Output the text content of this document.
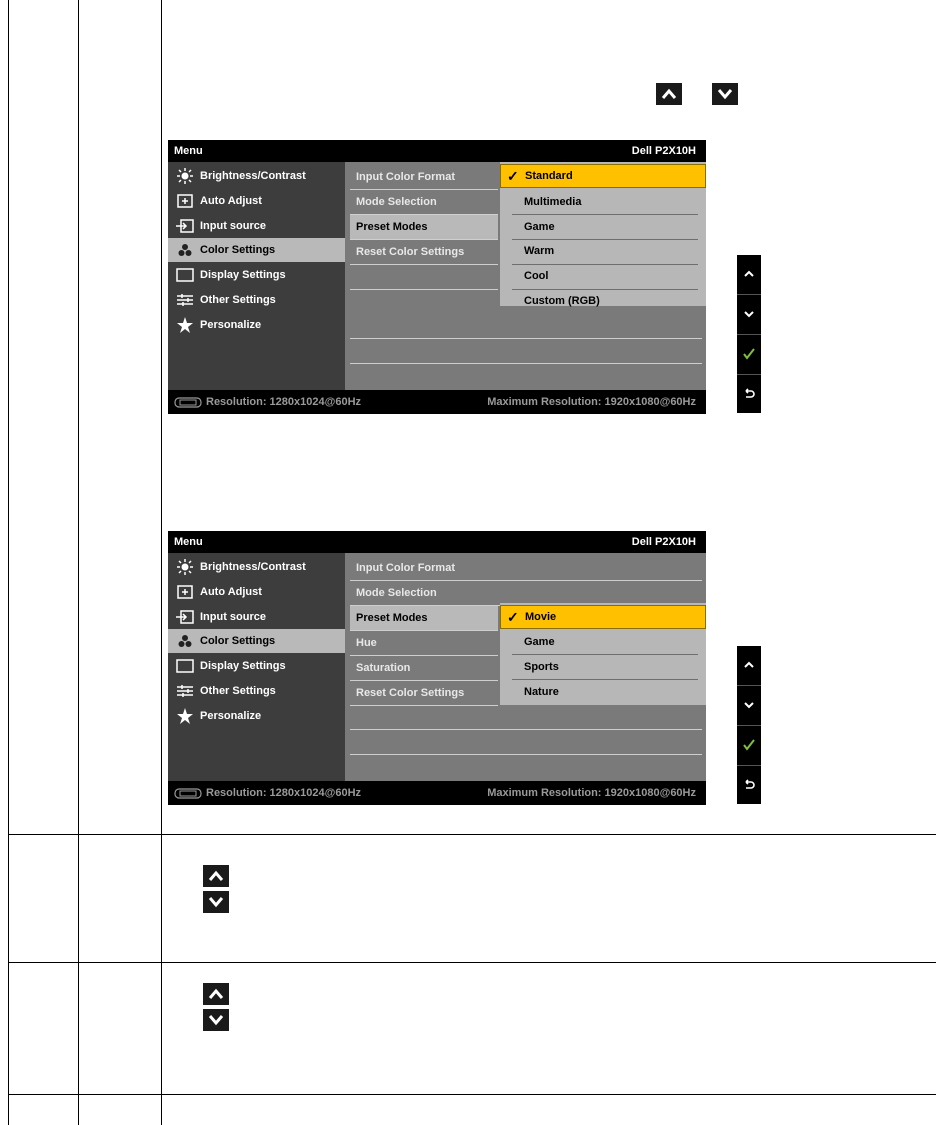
Menu	Dell P2X10H
Brightness/Contrast
Auto Adjust
Input source
Color Settings
Display Settings
Other Settings
Personalize
Input Color Format
Mode Selection
Preset Modes
Reset Color Settings
✓ Standard
Multimedia
Game
Warm
Cool
Custom (RGB)
Resolution: 1280x1024@60Hz	Maximum Resolution: 1920x1080@60Hz
Menu	Dell P2X10H
Brightness/Contrast
Auto Adjust
Input source
Color Settings
Display Settings
Other Settings
Personalize
Input Color Format
Mode Selection
Preset Modes
Hue
Saturation
Reset Color Settings
✓ Movie
Game
Sports
Nature
Resolution: 1280x1024@60Hz	Maximum Resolution: 1920x1080@60Hz
